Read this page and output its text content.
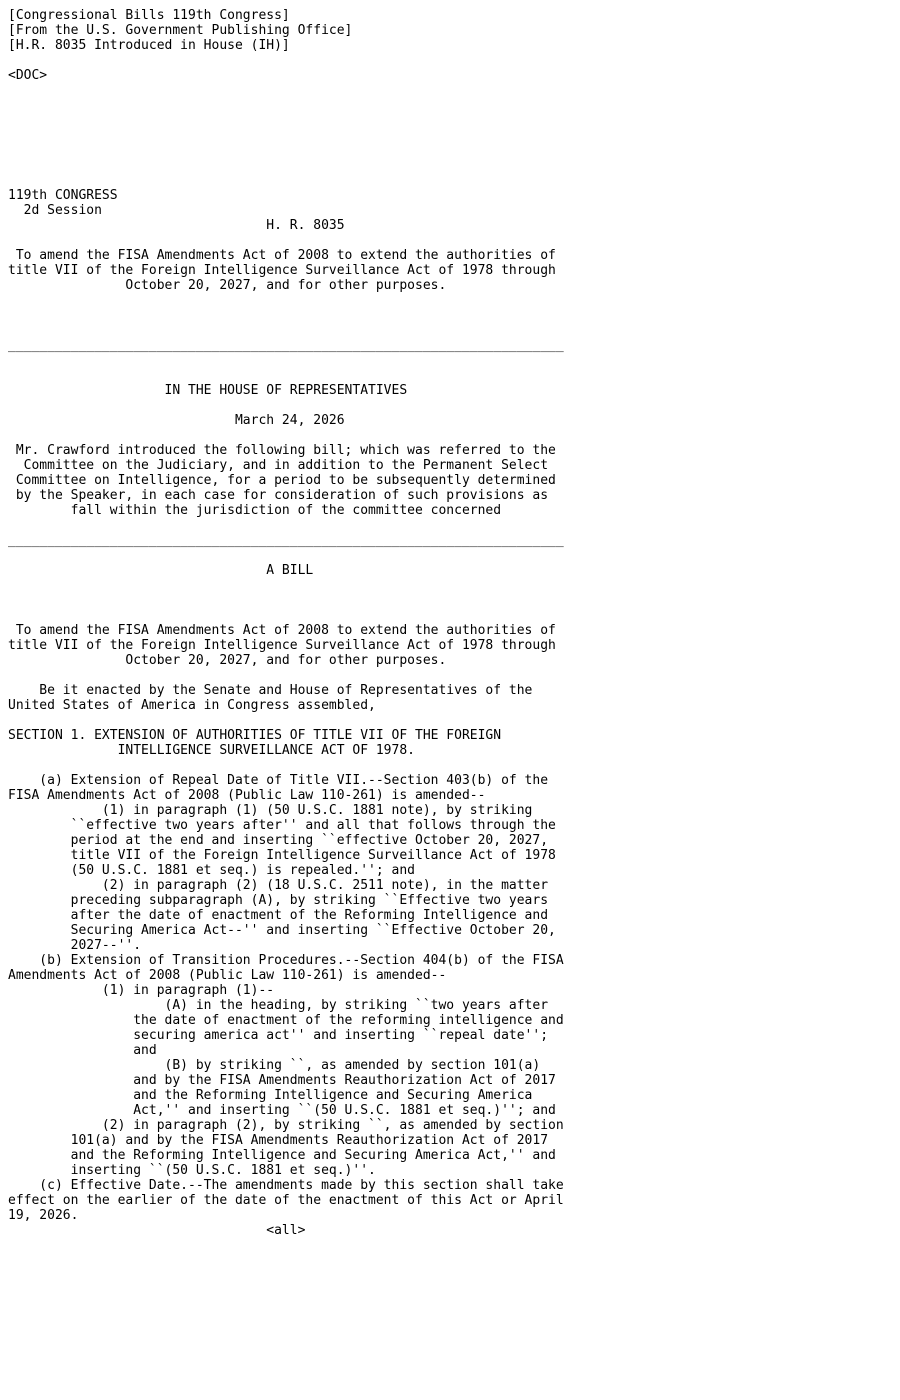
[Congressional Bills 119th Congress]
[From the U.S. Government Publishing Office]
[H.R. 8035 Introduced in House (IH)]
<DOC>
119th CONGRESS
2d Session
H. R. 8035
To amend the FISA Amendments Act of 2008 to extend the authorities of
title VII of the Foreign Intelligence Surveillance Act of 1978 through
October 20, 2027, and for other purposes.
_______________________________________________________________________
IN THE HOUSE OF REPRESENTATIVES
March 24, 2026
Mr. Crawford introduced the following bill; which was referred to the
Committee on the Judiciary, and in addition to the Permanent Select
Committee on Intelligence, for a period to be subsequently determined
by the Speaker, in each case for consideration of such provisions as
fall within the jurisdiction of the committee concerned
_______________________________________________________________________
A BILL
To amend the FISA Amendments Act of 2008 to extend the authorities of
title VII of the Foreign Intelligence Surveillance Act of 1978 through
October 20, 2027, and for other purposes.
Be it enacted by the Senate and House of Representatives of the
United States of America in Congress assembled,
SECTION 1. EXTENSION OF AUTHORITIES OF TITLE VII OF THE FOREIGN
INTELLIGENCE SURVEILLANCE ACT OF 1978.
(a) Extension of Repeal Date of Title VII.--Section 403(b) of the
FISA Amendments Act of 2008 (Public Law 110-261) is amended--
(1) in paragraph (1) (50 U.S.C. 1881 note), by striking
``effective two years after'' and all that follows through the
period at the end and inserting ``effective October 20, 2027,
title VII of the Foreign Intelligence Surveillance Act of 1978
(50 U.S.C. 1881 et seq.) is repealed.''; and
(2) in paragraph (2) (18 U.S.C. 2511 note), in the matter
preceding subparagraph (A), by striking ``Effective two years
after the date of enactment of the Reforming Intelligence and
Securing America Act--'' and inserting ``Effective October 20,
2027--''.
(b) Extension of Transition Procedures.--Section 404(b) of the FISA
Amendments Act of 2008 (Public Law 110-261) is amended--
(1) in paragraph (1)--
(A) in the heading, by striking ``two years after
the date of enactment of the reforming intelligence and
securing america act'' and inserting ``repeal date'';
and
(B) by striking ``, as amended by section 101(a)
and by the FISA Amendments Reauthorization Act of 2017
and the Reforming Intelligence and Securing America
Act,'' and inserting ``(50 U.S.C. 1881 et seq.)''; and
(2) in paragraph (2), by striking ``, as amended by section
101(a) and by the FISA Amendments Reauthorization Act of 2017
and the Reforming Intelligence and Securing America Act,'' and
inserting ``(50 U.S.C. 1881 et seq.)''.
(c) Effective Date.--The amendments made by this section shall take
effect on the earlier of the date of the enactment of this Act or April
19, 2026.
<all>
